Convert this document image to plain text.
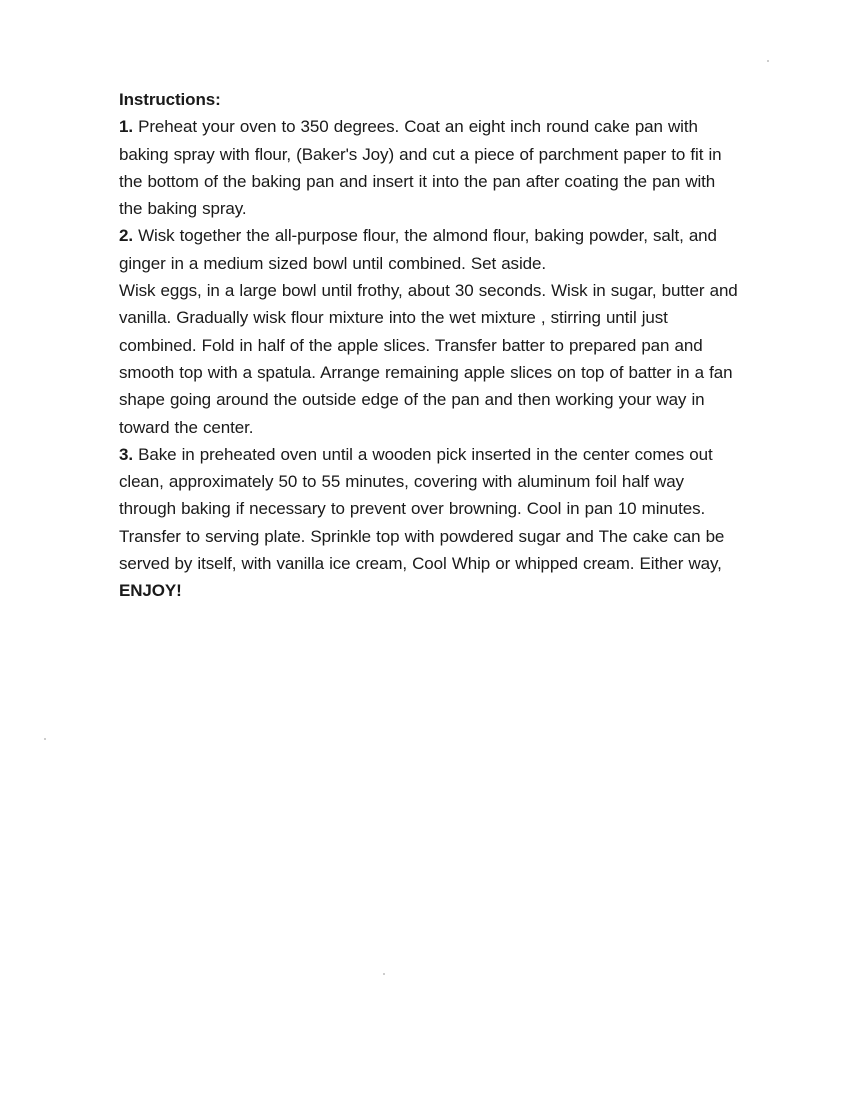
Instructions:

1. Preheat your oven to 350 degrees. Coat an eight inch round cake pan with baking spray with flour, (Baker's Joy) and cut a piece of parchment paper to fit in the bottom of the baking pan and insert it into the pan after coating the pan with the baking spray.

2. Wisk together the all-purpose flour, the almond flour, baking powder, salt, and ginger in a medium sized bowl until combined. Set aside.

Wisk eggs, in a large bowl until frothy, about 30 seconds. Wisk in sugar, butter and vanilla. Gradually wisk flour mixture into the wet mixture , stirring until just combined. Fold in half of the apple slices. Transfer batter to prepared pan and smooth top with a spatula. Arrange remaining apple slices on top of batter in a fan shape going around the outside edge of the pan and then working your way in toward the center.

3. Bake in preheated oven until a wooden pick inserted in the center comes out clean, approximately 50 to 55 minutes, covering with aluminum foil half way through baking if necessary to prevent over browning. Cool in pan 10 minutes. Transfer to serving plate. Sprinkle top with powdered sugar and The cake can be served by itself, with vanilla ice cream, Cool Whip or whipped cream. Either way, ENJOY!
